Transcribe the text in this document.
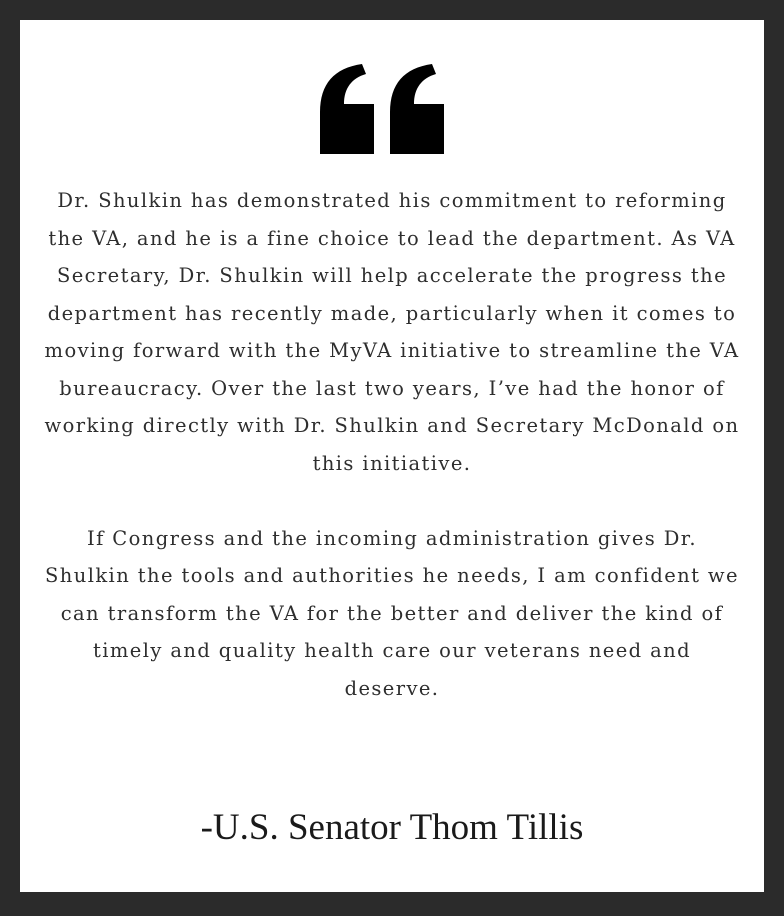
Dr. Shulkin has demonstrated his commitment to reforming the VA, and he is a fine choice to lead the department. As VA Secretary, Dr. Shulkin will help accelerate the progress the department has recently made, particularly when it comes to moving forward with the MyVA initiative to streamline the VA bureaucracy. Over the last two years, I’ve had the honor of working directly with Dr. Shulkin and Secretary McDonald on this initiative.

If Congress and the incoming administration gives Dr. Shulkin the tools and authorities he needs, I am confident we can transform the VA for the better and deliver the kind of timely and quality health care our veterans need and deserve.

-U.S. Senator Thom Tillis
